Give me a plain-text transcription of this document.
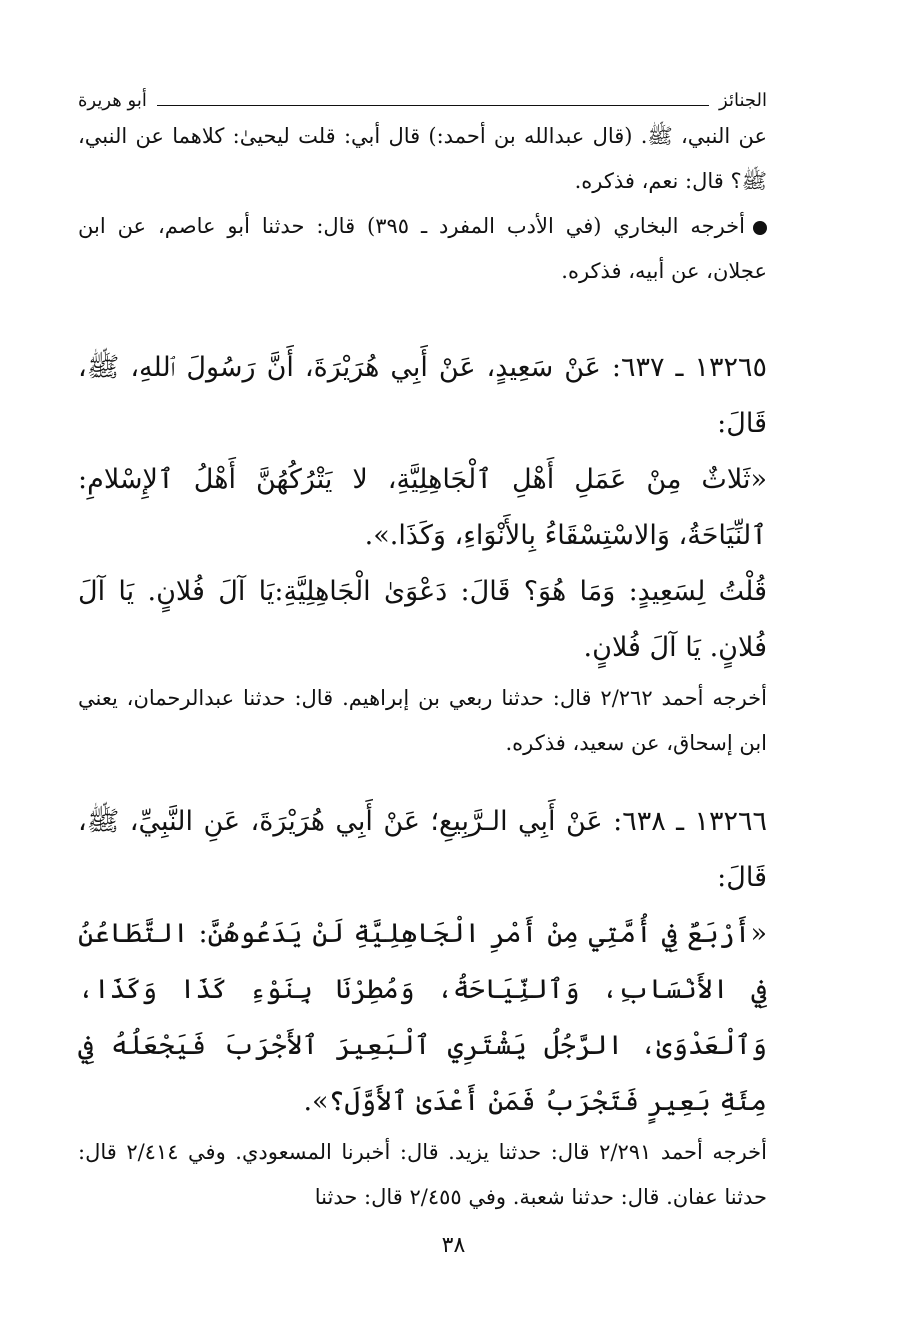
الجنائز
أبو هريرة

عن النبي، ﷺ. (قال عبدالله بن أحمد:) قال أبي: قلت ليحيىٰ: كلاهما عن النبي، ﷺ؟ قال: نعم، فذكره.

أخرجه البخاري (في الأدب المفرد ـ ٣٩٥) قال: حدثنا أبو عاصم، عن ابن عجلان، عن أبيه، فذكره.

١٣٢٦٥ ـ ٦٣٧: عَنْ سَعِيدٍ، عَنْ أَبِي هُرَيْرَةَ، أَنَّ رَسُولَ ٱللهِ، ﷺ، قَالَ:

«ثَلاثٌ مِنْ عَمَلِ أَهْلِ ٱلْجَاهِلِيَّةِ، لا يَتْرُكُهُنَّ أَهْلُ ٱلإِسْلامِ: ٱلنِّيَاحَةُ، وَالاسْتِسْقَاءُ بِالأَنْوَاءِ، وَكَذَا.».

قُلْتُ لِسَعِيدٍ: وَمَا هُوَ؟ قَالَ: دَعْوَىٰ الْجَاهِلِيَّةِ:يَا آلَ فُلانٍ. يَا آلَ فُلانٍ. يَا آلَ فُلانٍ.

أخرجه أحمد ٢/٢٦٢ قال: حدثنا ربعي بن إبراهيم. قال: حدثنا عبدالرحمان، يعني ابن إسحاق، عن سعيد، فذكره.

١٣٢٦٦ ـ ٦٣٨: عَنْ أَبِي الـرَّبِيعِ؛ عَنْ أَبِي هُرَيْرَةَ، عَنِ النَّبِيِّ، ﷺ، قَالَ:

«أَرْبَعٌ فِي أُمَّتِي مِنْ أَمْرِ الْجَاهِلِيَّةِ لَنْ يَدَعُوهُنَّ: التَّطَاعُنُ فِي الأَنْسَابِ، وَٱلنِّيَاحَةُ، وَمُطِرْنَا بِنَوْءِ كَذَا وَكَذَا، وَٱلْعَدْوَىٰ، الرَّجُلُ يَشْتَرِي ٱلْبَعِيرَ ٱلأَجْرَبَ فَيَجْعَلُهُ فِي مِئَةِ بَعِيرٍ فَتَجْرَبُ فَمَنْ أَعْدَىٰ ٱلأَوَّلَ؟».

أخرجه أحمد ٢/٢٩١ قال: حدثنا يزيد. قال: أخبرنا المسعودي. وفي ٢/٤١٤ قال: حدثنا عفان. قال: حدثنا شعبة. وفي ٢/٤٥٥ قال: حدثنا

٣٨
